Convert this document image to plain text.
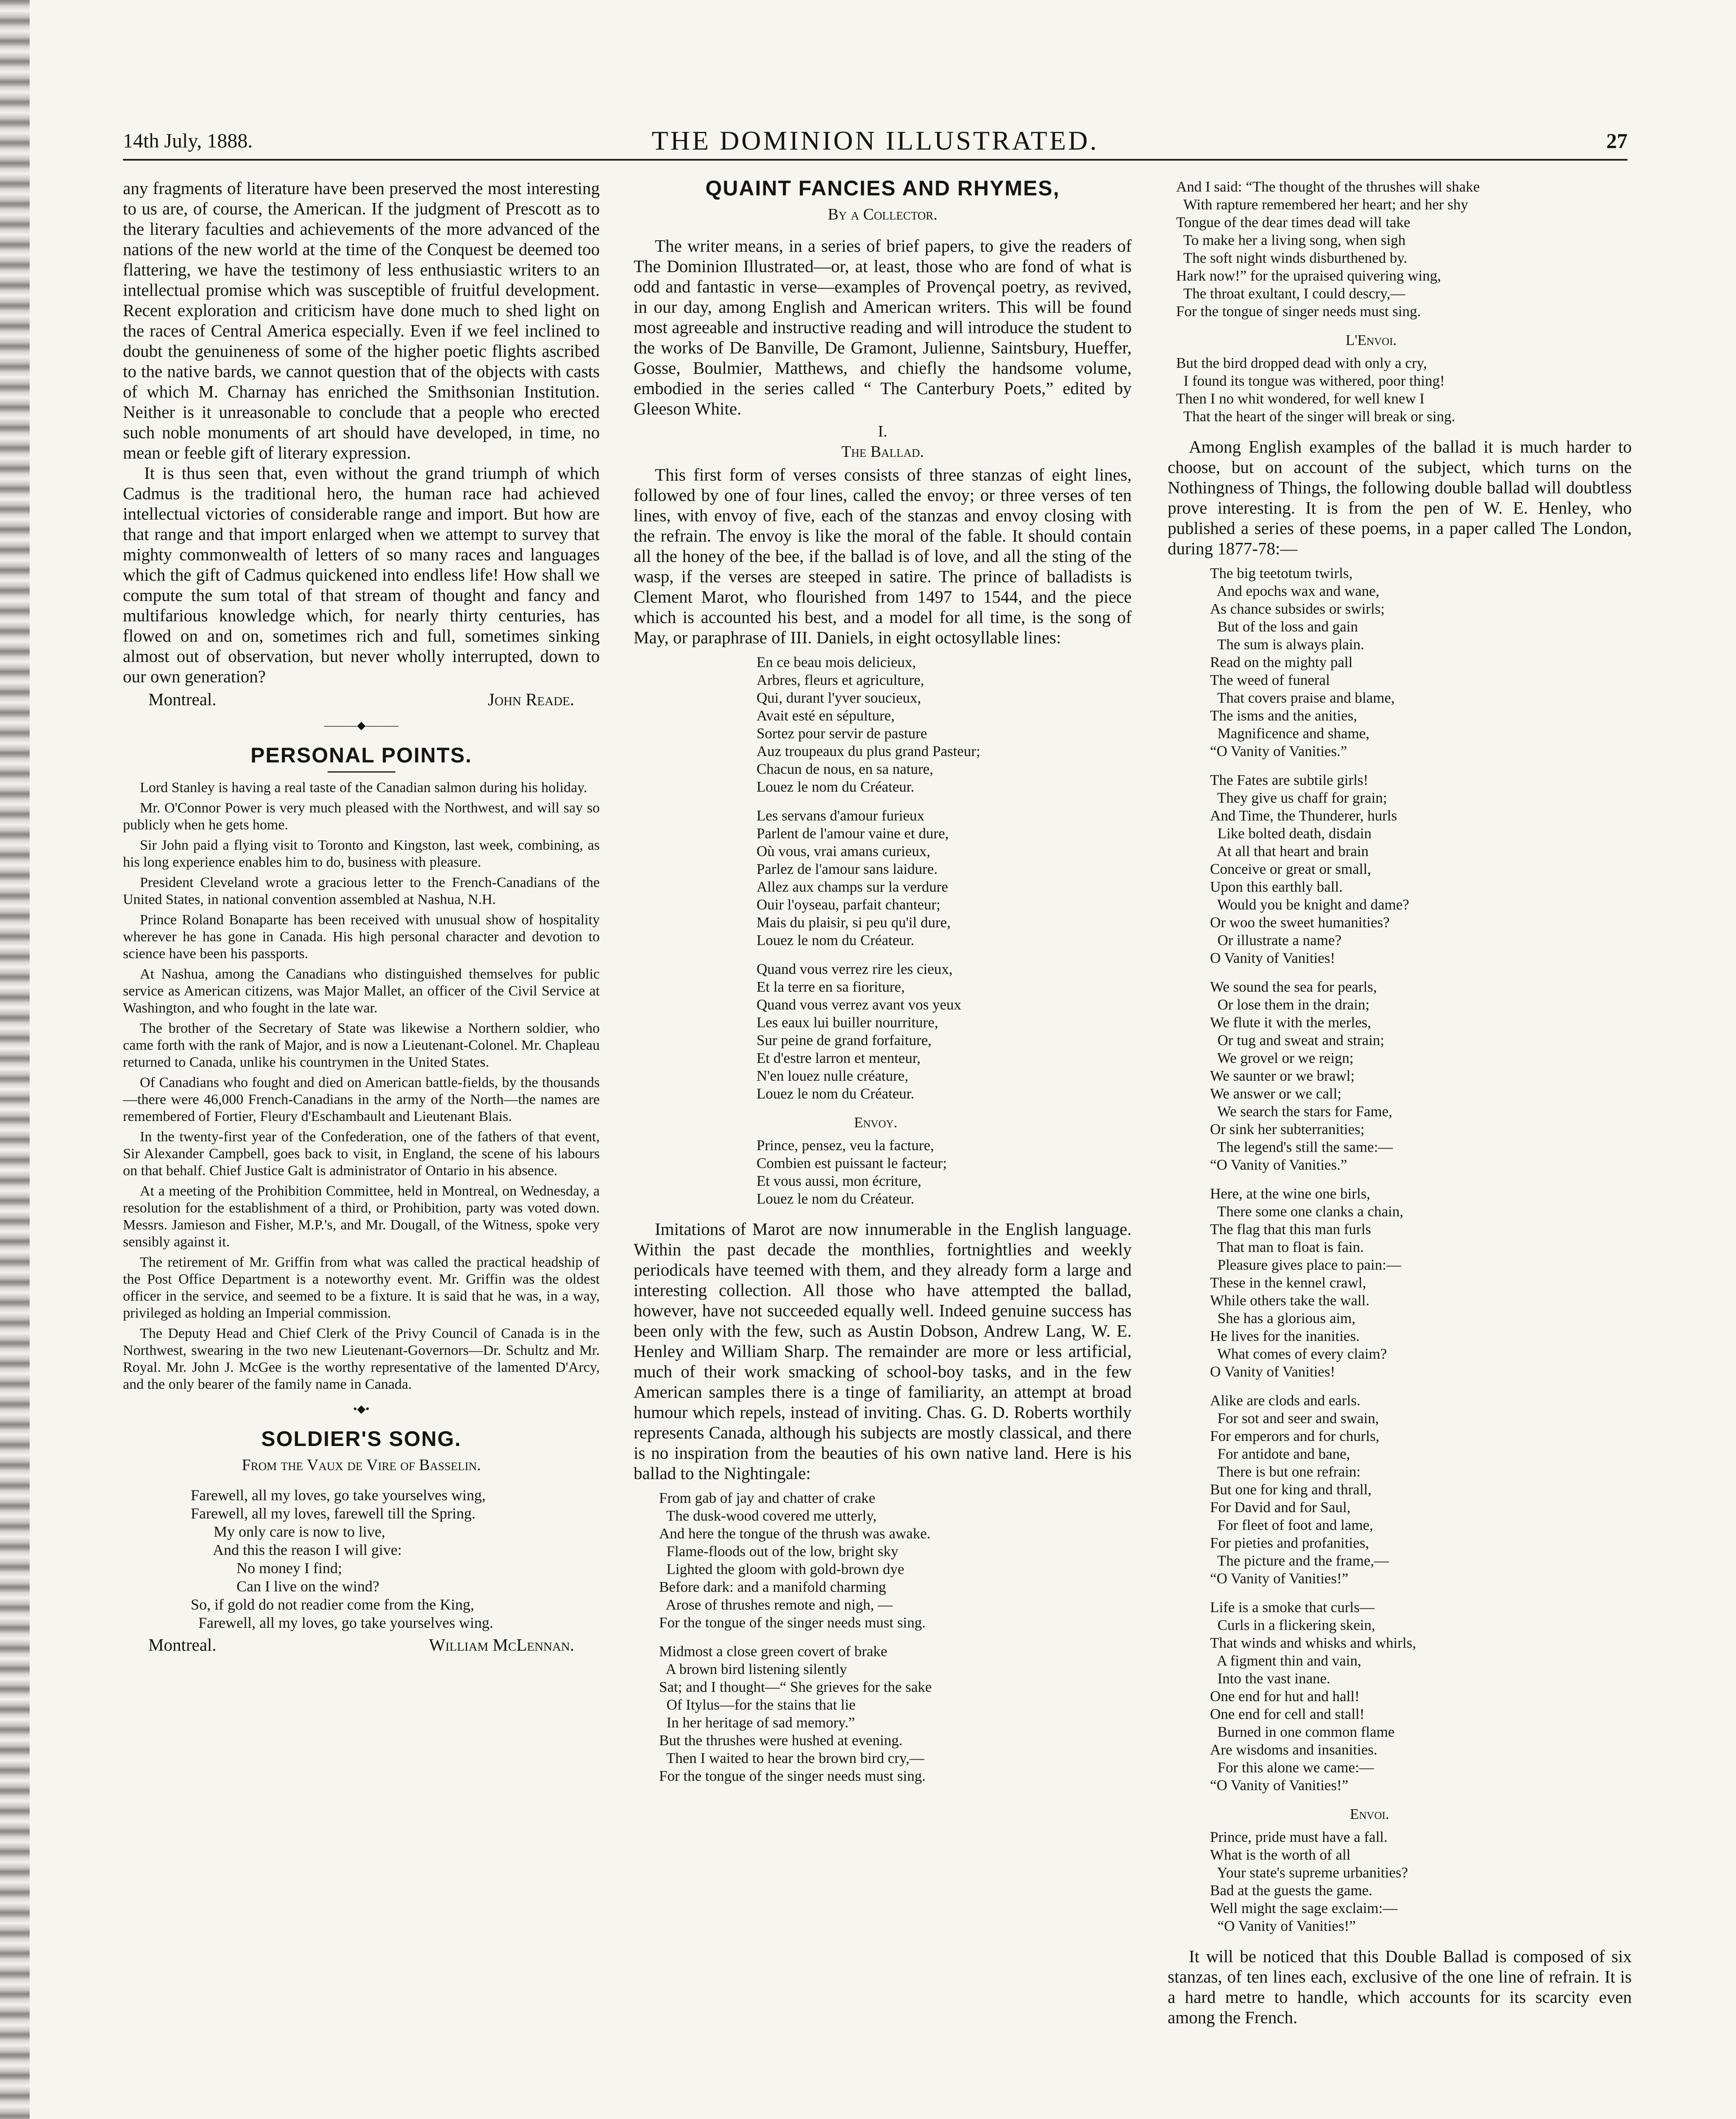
14th July, 1888.	THE DOMINION ILLUSTRATED.	27

any fragments of literature have been preserved the most interesting to us are, of course, the American. If the judgment of Prescott as to the literary faculties and achievements of the more advanced of the nations of the new world at the time of the Conquest be deemed too flattering, we have the testimony of less enthusiastic writers to an intellectual promise which was susceptible of fruitful development. Recent exploration and criticism have done much to shed light on the races of Central America especially. Even if we feel inclined to doubt the genuineness of some of the higher poetic flights ascribed to the native bards, we cannot question that of the objects with casts of which M. Charnay has enriched the Smithsonian Institution. Neither is it unreasonable to conclude that a people who erected such noble monuments of art should have developed, in time, no mean or feeble gift of literary expression.

It is thus seen that, even without the grand triumph of which Cadmus is the traditional hero, the human race had achieved intellectual victories of considerable range and import. But how are that range and that import enlarged when we attempt to survey that mighty commonwealth of letters of so many races and languages which the gift of Cadmus quickened into endless life! How shall we compute the sum total of that stream of thought and fancy and multifarious knowledge which, for nearly thirty centuries, has flowed on and on, sometimes rich and full, sometimes sinking almost out of observation, but never wholly interrupted, down to our own generation?

Montreal.	John Reade.
———◆———
PERSONAL POINTS.

Lord Stanley is having a real taste of the Canadian salmon during his holiday.

Mr. O'Connor Power is very much pleased with the Northwest, and will say so publicly when he gets home.

Sir John paid a flying visit to Toronto and Kingston, last week, combining, as his long experience enables him to do, business with pleasure.

President Cleveland wrote a gracious letter to the French-Canadians of the United States, in national convention assembled at Nashua, N.H.

Prince Roland Bonaparte has been received with unusual show of hospitality wherever he has gone in Canada. His high personal character and devotion to science have been his passports.

At Nashua, among the Canadians who distinguished themselves for public service as American citizens, was Major Mallet, an officer of the Civil Service at Washington, and who fought in the late war.

The brother of the Secretary of State was likewise a Northern soldier, who came forth with the rank of Major, and is now a Lieutenant-Colonel. Mr. Chapleau returned to Canada, unlike his countrymen in the United States.

Of Canadians who fought and died on American battle-fields, by the thousands—there were 46,000 French-Canadians in the army of the North—the names are remembered of Fortier, Fleury d'Eschambault and Lieutenant Blais.

In the twenty-first year of the Confederation, one of the fathers of that event, Sir Alexander Campbell, goes back to visit, in England, the scene of his labours on that behalf. Chief Justice Galt is administrator of Ontario in his absence.

At a meeting of the Prohibition Committee, held in Montreal, on Wednesday, a resolution for the establishment of a third, or Prohibition, party was voted down. Messrs. Jamieson and Fisher, M.P.'s, and Mr. Dougall, of the Witness, spoke very sensibly against it.

The retirement of Mr. Griffin from what was called the practical headship of the Post Office Department is a noteworthy event. Mr. Griffin was the oldest officer in the service, and seemed to be a fixture. It is said that he was, in a way, privileged as holding an Imperial commission.

The Deputy Head and Chief Clerk of the Privy Council of Canada is in the Northwest, swearing in the two new Lieutenant-Governors—Dr. Schultz and Mr. Royal. Mr. John J. McGee is the worthy representative of the lamented D'Arcy, and the only bearer of the family name in Canada.

•◆•
SOLDIER'S SONG.
From the Vaux de Vire of Basselin.
Farewell, all my loves, go take yourselves wing,
Farewell, all my loves, farewell till the Spring.
My only care is now to live,
And this the reason I will give:
No money I find;
Can I live on the wind?
So, if gold do not readier come from the King,
Farewell, all my loves, go take yourselves wing.
Montreal.	William McLennan.
QUAINT FANCIES AND RHYMES,
By a Collector.

The writer means, in a series of brief papers, to give the readers of The Dominion Illustrated—or, at least, those who are fond of what is odd and fantastic in verse—examples of Provençal poetry, as revived, in our day, among English and American writers. This will be found most agreeable and instructive reading and will introduce the student to the works of De Banville, De Gramont, Julienne, Saintsbury, Hueffer, Gosse, Boulmier, Matthews, and chiefly the handsome volume, embodied in the series called “ The Canterbury Poets,” edited by Gleeson White.

I.
The Ballad.

This first form of verses consists of three stanzas of eight lines, followed by one of four lines, called the envoy; or three verses of ten lines, with envoy of five, each of the stanzas and envoy closing with the refrain. The envoy is like the moral of the fable. It should contain all the honey of the bee, if the ballad is of love, and all the sting of the wasp, if the verses are steeped in satire. The prince of balladists is Clement Marot, who flourished from 1497 to 1544, and the piece which is accounted his best, and a model for all time, is the song of May, or paraphrase of III. Daniels, in eight octosyllable lines:

En ce beau mois delicieux,
Arbres, fleurs et agriculture,
Qui, durant l'yver soucieux,
Avait esté en sépulture,
Sortez pour servir de pasture
Auz troupeaux du plus grand Pasteur;
Chacun de nous, en sa nature,
Louez le nom du Créateur.
Les servans d'amour furieux
Parlent de l'amour vaine et dure,
Où vous, vrai amans curieux,
Parlez de l'amour sans laidure.
Allez aux champs sur la verdure
Ouir l'oyseau, parfait chanteur;
Mais du plaisir, si peu qu'il dure,
Louez le nom du Créateur.
Quand vous verrez rire les cieux,
Et la terre en sa fioriture,
Quand vous verrez avant vos yeux
Les eaux lui builler nourriture,
Sur peine de grand forfaiture,
Et d'estre larron et menteur,
N'en louez nulle créature,
Louez le nom du Créateur.
Envoy.
Prince, pensez, veu la facture,
Combien est puissant le facteur;
Et vous aussi, mon écriture,
Louez le nom du Créateur.

Imitations of Marot are now innumerable in the English language. Within the past decade the monthlies, fortnightlies and weekly periodicals have teemed with them, and they already form a large and interesting collection. All those who have attempted the ballad, however, have not succeeded equally well. Indeed genuine success has been only with the few, such as Austin Dobson, Andrew Lang, W. E. Henley and William Sharp. The remainder are more or less artificial, much of their work smacking of school-boy tasks, and in the few American samples there is a tinge of familiarity, an attempt at broad humour which repels, instead of inviting. Chas. G. D. Roberts worthily represents Canada, although his subjects are mostly classical, and there is no inspiration from the beauties of his own native land. Here is his ballad to the Nightingale:

From gab of jay and chatter of crake
The dusk-wood covered me utterly,
And here the tongue of the thrush was awake.
Flame-floods out of the low, bright sky
Lighted the gloom with gold-brown dye
Before dark: and a manifold charming
Arose of thrushes remote and nigh, —
For the tongue of the singer needs must sing.
Midmost a close green covert of brake
A brown bird listening silently
Sat; and I thought—“ She grieves for the sake
Of Itylus—for the stains that lie
In her heritage of sad memory.”
But the thrushes were hushed at evening.
Then I waited to hear the brown bird cry,—
For the tongue of the singer needs must sing.
And I said: “The thought of the thrushes will shake
With rapture remembered her heart; and her shy
Tongue of the dear times dead will take
To make her a living song, when sigh
The soft night winds disburthened by.
Hark now!” for the upraised quivering wing,
The throat exultant, I could descry,—
For the tongue of singer needs must sing.
L'Envoi.
But the bird dropped dead with only a cry,
I found its tongue was withered, poor thing!
Then I no whit wondered, for well knew I
That the heart of the singer will break or sing.

Among English examples of the ballad it is much harder to choose, but on account of the subject, which turns on the Nothingness of Things, the following double ballad will doubtless prove interesting. It is from the pen of W. E. Henley, who published a series of these poems, in a paper called The London, during 1877-78:—

The big teetotum twirls,
And epochs wax and wane,
As chance subsides or swirls;
But of the loss and gain
The sum is always plain.
Read on the mighty pall
The weed of funeral
That covers praise and blame,
The isms and the anities,
Magnificence and shame,
“O Vanity of Vanities.”
The Fates are subtile girls!
They give us chaff for grain;
And Time, the Thunderer, hurls
Like bolted death, disdain
At all that heart and brain
Conceive or great or small,
Upon this earthly ball.
Would you be knight and dame?
Or woo the sweet humanities?
Or illustrate a name?
O Vanity of Vanities!
We sound the sea for pearls,
Or lose them in the drain;
We flute it with the merles,
Or tug and sweat and strain;
We grovel or we reign;
We saunter or we brawl;
We answer or we call;
We search the stars for Fame,
Or sink her subterranities;
The legend's still the same:—
“O Vanity of Vanities.”
Here, at the wine one birls,
There some one clanks a chain,
The flag that this man furls
That man to float is fain.
Pleasure gives place to pain:—
These in the kennel crawl,
While others take the wall.
She has a glorious aim,
He lives for the inanities.
What comes of every claim?
O Vanity of Vanities!
Alike are clods and earls.
For sot and seer and swain,
For emperors and for churls,
For antidote and bane,
There is but one refrain:
But one for king and thrall,
For David and for Saul,
For fleet of foot and lame,
For pieties and profanities,
The picture and the frame,—
“O Vanity of Vanities!”
Life is a smoke that curls—
Curls in a flickering skein,
That winds and whisks and whirls,
A figment thin and vain,
Into the vast inane.
One end for hut and hall!
One end for cell and stall!
Burned in one common flame
Are wisdoms and insanities.
For this alone we came:—
“O Vanity of Vanities!”
Envoi.
Prince, pride must have a fall.
What is the worth of all
Your state's supreme urbanities?
Bad at the guests the game.
Well might the sage exclaim:—
“O Vanity of Vanities!”

It will be noticed that this Double Ballad is composed of six stanzas, of ten lines each, exclusive of the one line of refrain. It is a hard metre to handle, which accounts for its scarcity even among the French.
